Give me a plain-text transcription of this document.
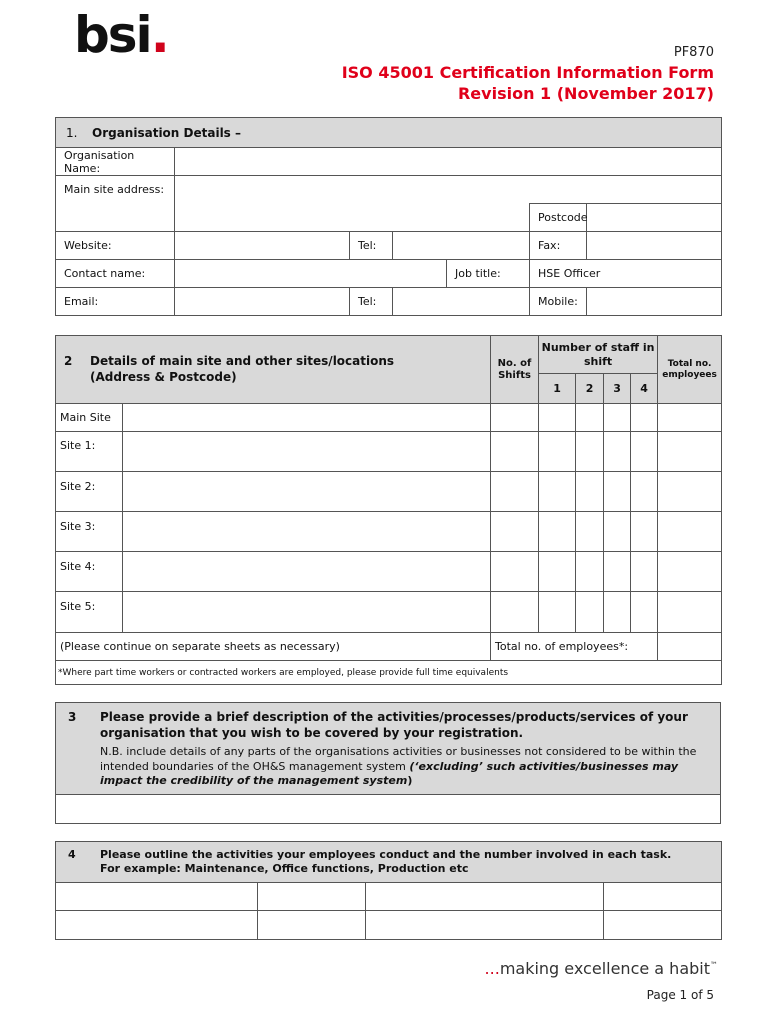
bsi.	PF870
ISO 45001 Certification Information Form
Revision 1 (November 2017)
1. Organisation Details –						
Organisation Name:						
Main site address:						
					Postcode	
Website:		Tel:			Fax:	
Contact name:				Job title:	HSE Officer	
Email:		Tel:			Mobile:	
2 Details of main site and other sites/locations
(Address & Postcode)		No. of Shifts	Number of staff in shift				Total no. employees
			1	2	3	4	
Main Site							
Site 1:							
Site 2:							
Site 3:							
Site 4:							
Site 5:							
(Please continue on separate sheets as necessary)		Total no. of employees*:					
*Where part time workers or contracted workers are employed, please provide full time equivalents							
3 Please provide a brief description of the activities/processes/products/services of your
organisation that you wish to be covered by your registration.
N.B. include details of any parts of the organisations activities or businesses not considered to be within the
intended boundaries of the OH&S management system (‘excluding’ such activities/businesses may
impact the credibility of the management system)

4 Please outline the activities your employees conduct and the number involved in each task.
For example: Maintenance, Office functions, Production etc			

...making excellence a habit™
Page 1 of 5
